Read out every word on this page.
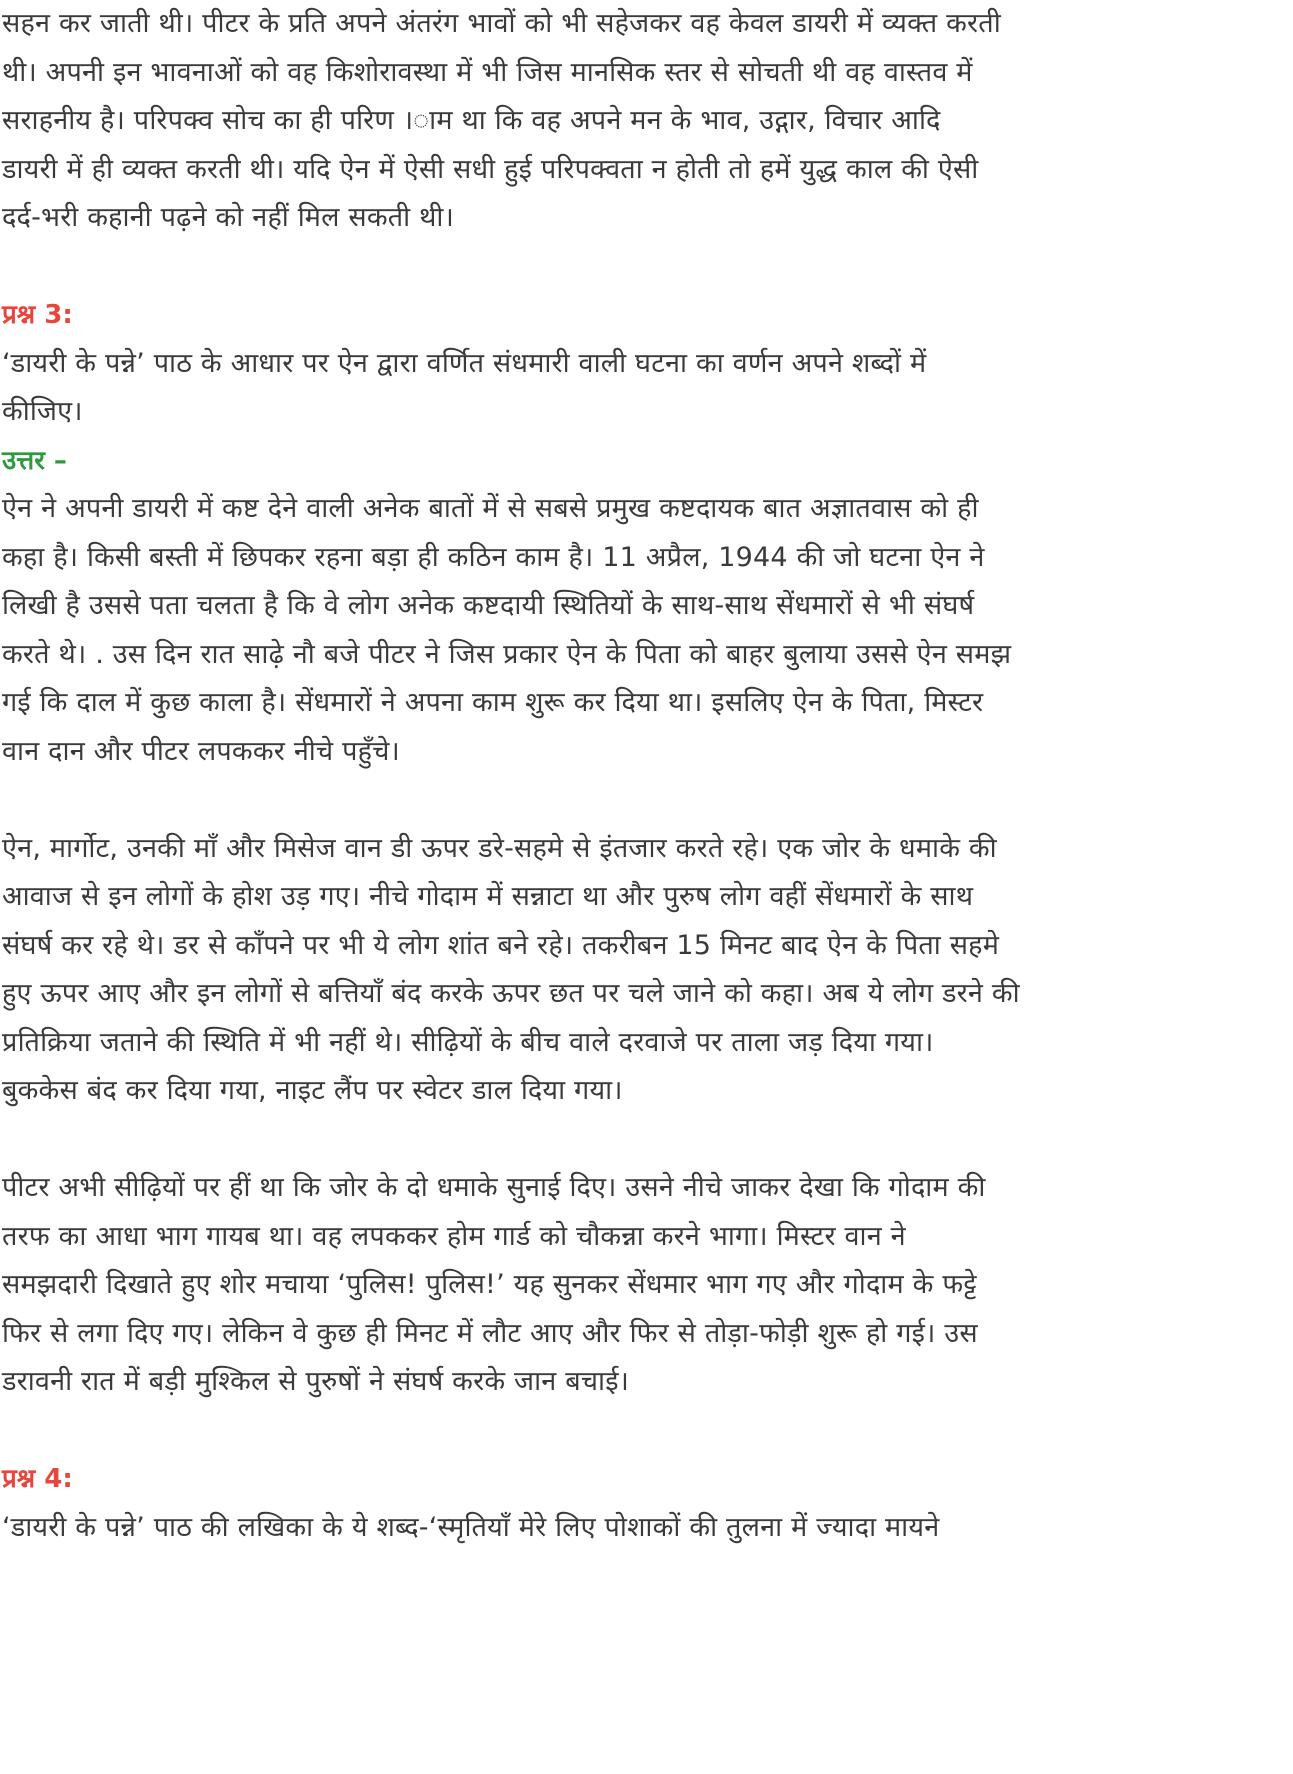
सहन कर जाती थी। पीटर के प्रति अपने अंतरंग भावों को भी सहेजकर वह केवल डायरी में व्यक्त करती
थी। अपनी इन भावनाओं को वह किशोरावस्था में भी जिस मानसिक स्तर से सोचती थी वह वास्तव में
सराहनीय है। परिपक्व सोच का ही परिण ।ाम था कि वह अपने मन के भाव, उद्गार, विचार आदि
डायरी में ही व्यक्त करती थी। यदि ऐन में ऐसी सधी हुई परिपक्वता न होती तो हमें युद्ध काल की ऐसी
दर्द-भरी कहानी पढ़ने को नहीं मिल सकती थी।
प्रश्न 3:
‘डायरी के पन्ने’ पाठ के आधार पर ऐन द्वारा वर्णित संधमारी वाली घटना का वर्णन अपने शब्दों में
कीजिए।
उत्तर –
ऐन ने अपनी डायरी में कष्ट देने वाली अनेक बातों में से सबसे प्रमुख कष्टदायक बात अज्ञातवास को ही
कहा है। किसी बस्ती में छिपकर रहना बड़ा ही कठिन काम है। 11 अप्रैल, 1944 की जो घटना ऐन ने
लिखी है उससे पता चलता है कि वे लोग अनेक कष्टदायी स्थितियों के साथ-साथ सेंधमारों से भी संघर्ष
करते थे। . उस दिन रात साढ़े नौ बजे पीटर ने जिस प्रकार ऐन के पिता को बाहर बुलाया उससे ऐन समझ
गई कि दाल में कुछ काला है। सेंधमारों ने अपना काम शुरू कर दिया था। इसलिए ऐन के पिता, मिस्टर
वान दान और पीटर लपककर नीचे पहुँचे।
ऐन, मार्गोट, उनकी माँ और मिसेज वान डी ऊपर डरे-सहमे से इंतजार करते रहे। एक जोर के धमाके की
आवाज से इन लोगों के होश उड़ गए। नीचे गोदाम में सन्नाटा था और पुरुष लोग वहीं सेंधमारों के साथ
संघर्ष कर रहे थे। डर से काँपने पर भी ये लोग शांत बने रहे। तकरीबन 15 मिनट बाद ऐन के पिता सहमे
हुए ऊपर आए और इन लोगों से बत्तियाँ बंद करके ऊपर छत पर चले जाने को कहा। अब ये लोग डरने की
प्रतिक्रिया जताने की स्थिति में भी नहीं थे। सीढ़ियों के बीच वाले दरवाजे पर ताला जड़ दिया गया।
बुककेस बंद कर दिया गया, नाइट लैंप पर स्वेटर डाल दिया गया।
पीटर अभी सीढ़ियों पर हीं था कि जोर के दो धमाके सुनाई दिए। उसने नीचे जाकर देखा कि गोदाम की
तरफ का आधा भाग गायब था। वह लपककर होम गार्ड को चौकन्ना करने भागा। मिस्टर वान ने
समझदारी दिखाते हुए शोर मचाया ‘पुलिस! पुलिस!’ यह सुनकर सेंधमार भाग गए और गोदाम के फट्टे
फिर से लगा दिए गए। लेकिन वे कुछ ही मिनट में लौट आए और फिर से तोड़ा-फोड़ी शुरू हो गई। उस
डरावनी रात में बड़ी मुश्किल से पुरुषों ने संघर्ष करके जान बचाई।
प्रश्न 4:
‘डायरी के पन्ने’ पाठ की लखिका के ये शब्द-‘स्मृतियाँ मेरे लिए पोशाकों की तुलना में ज्यादा मायने
